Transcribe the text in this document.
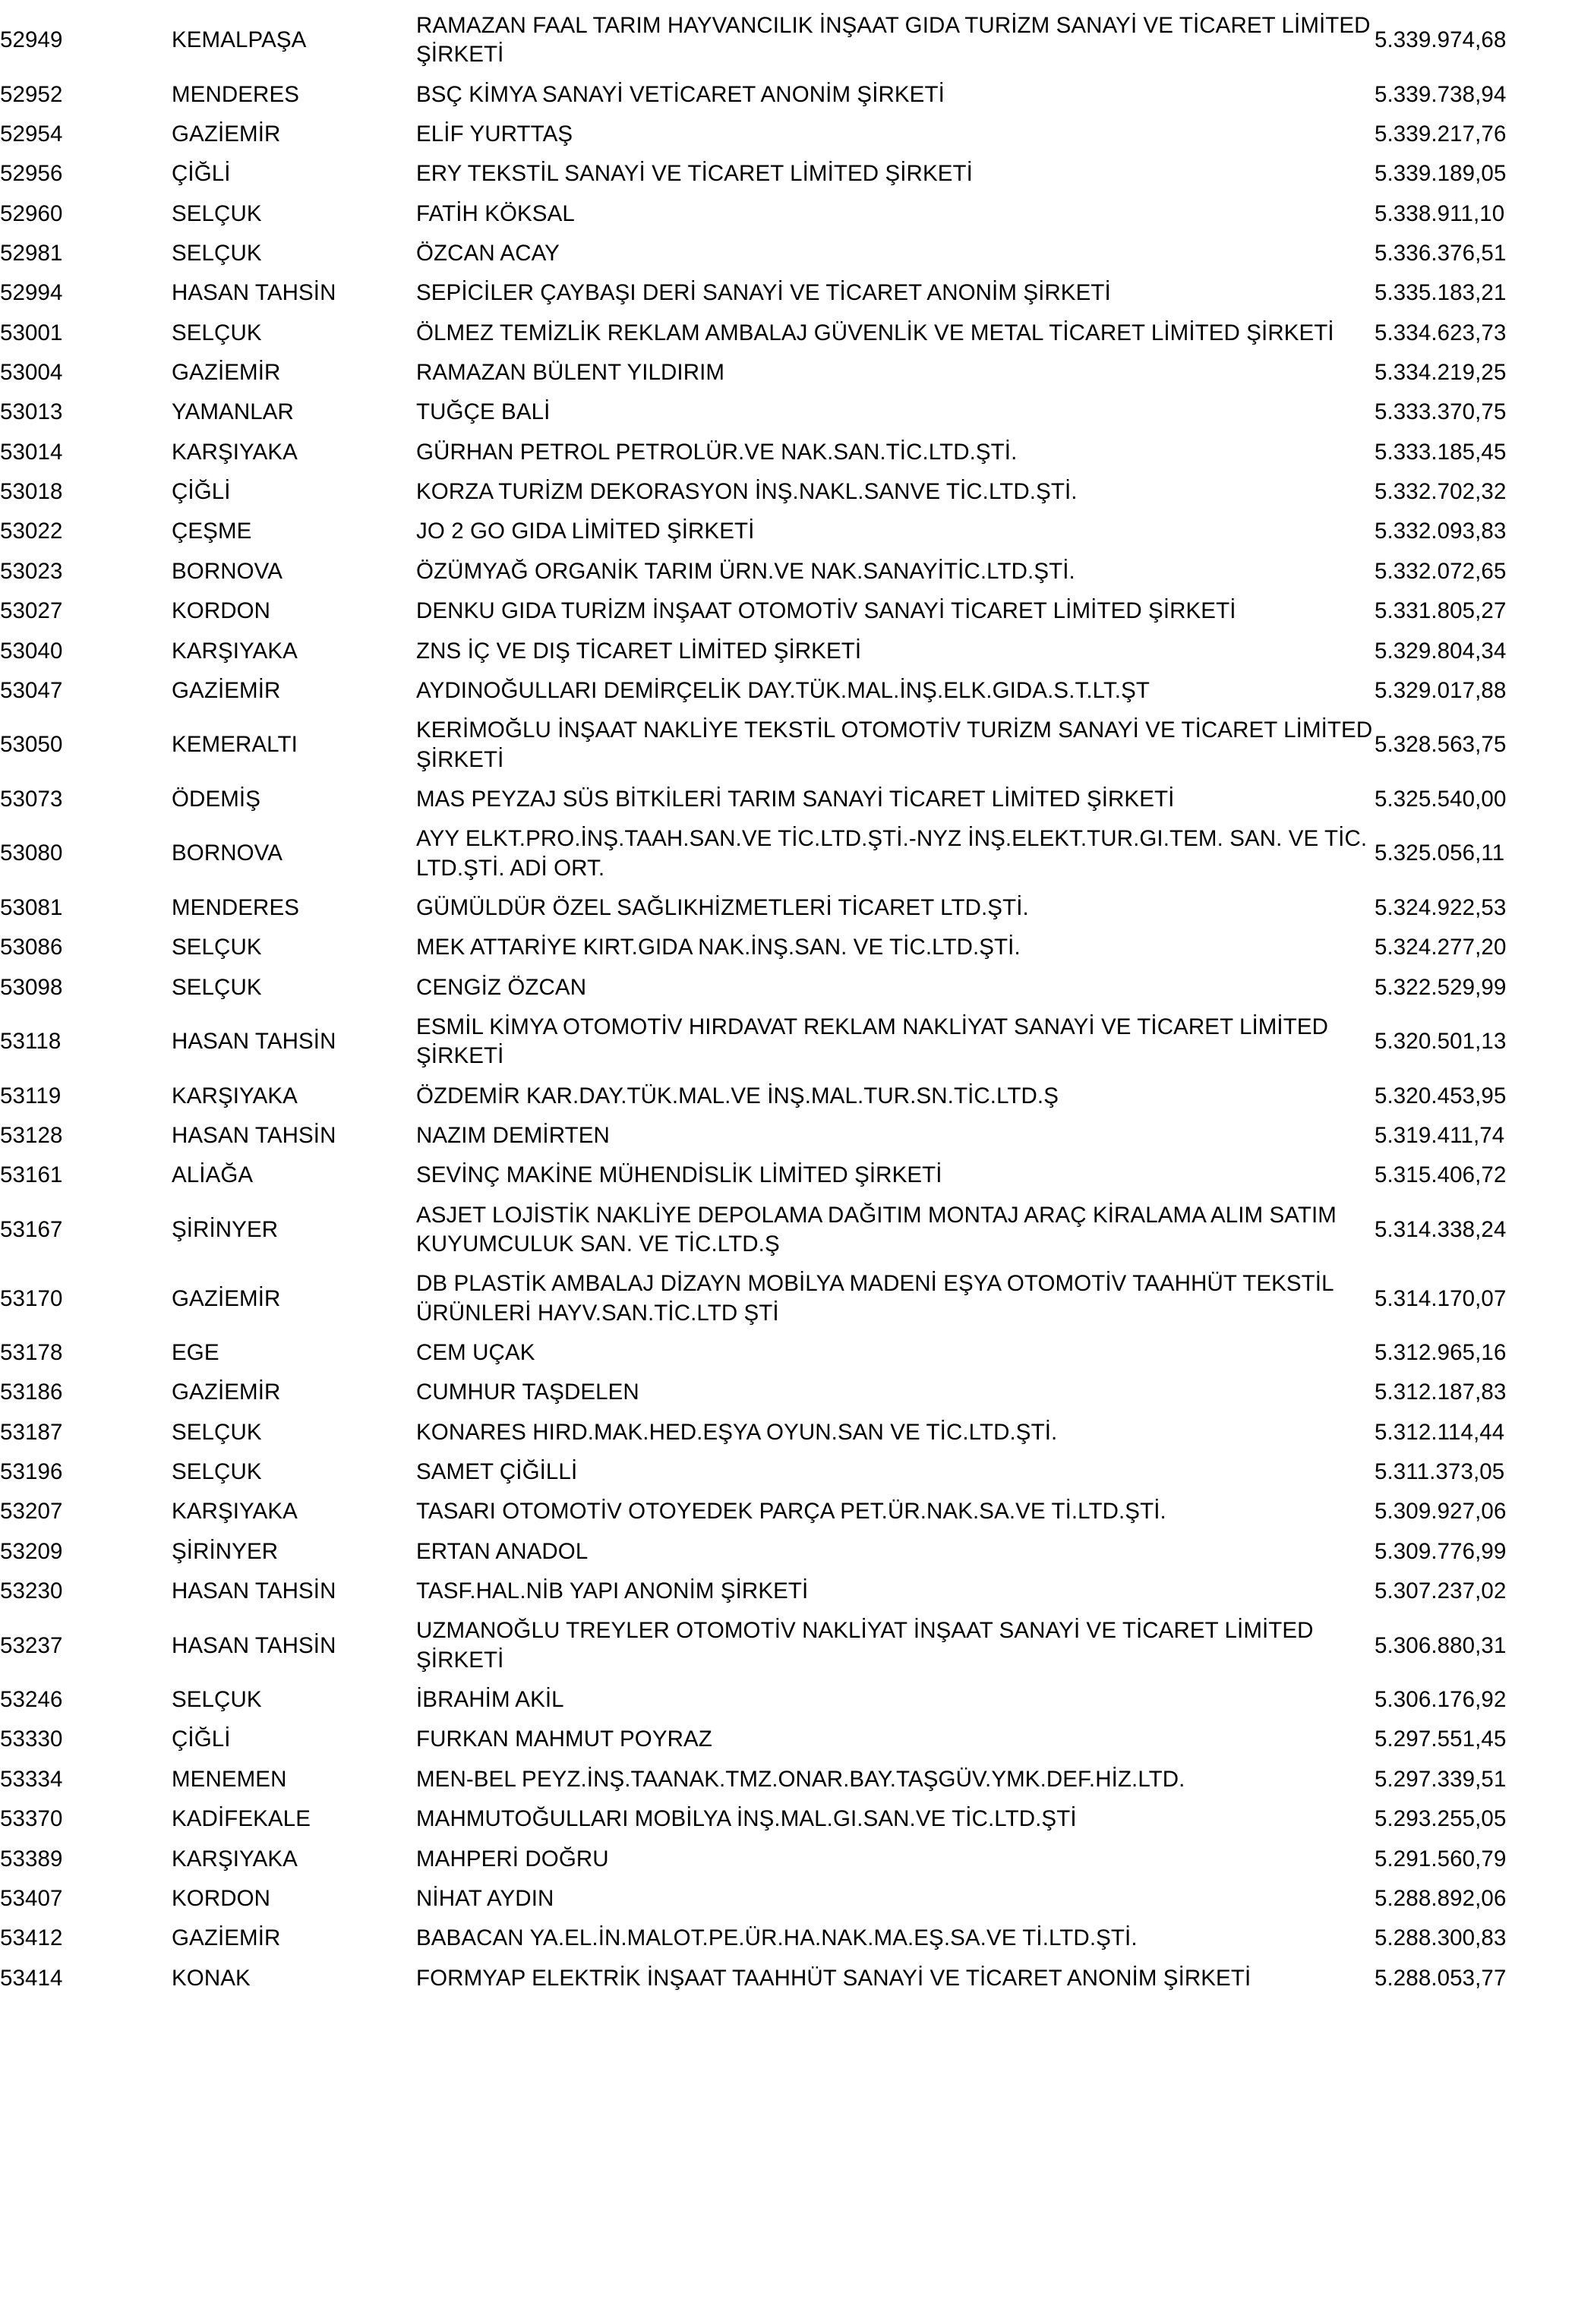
52949	KEMALPAŞA	RAMAZAN FAAL TARIM HAYVANCILIK İNŞAAT GIDA TURİZM SANAYİ VE TİCARET LİMİTED ŞİRKETİ	5.339.974,68
52952	MENDERES	BSÇ KİMYA SANAYİ VETİCARET ANONİM ŞİRKETİ	5.339.738,94
52954	GAZİEMİR	ELİF YURTTAŞ	5.339.217,76
52956	ÇİĞLİ	ERY TEKSTİL SANAYİ VE TİCARET LİMİTED ŞİRKETİ	5.339.189,05
52960	SELÇUK	FATİH KÖKSAL	5.338.911,10
52981	SELÇUK	ÖZCAN ACAY	5.336.376,51
52994	HASAN TAHSİN	SEPİCİLER ÇAYBAŞI DERİ SANAYİ VE TİCARET ANONİM ŞİRKETİ	5.335.183,21
53001	SELÇUK	ÖLMEZ TEMİZLİK REKLAM AMBALAJ GÜVENLİK VE METAL TİCARET LİMİTED ŞİRKETİ	5.334.623,73
53004	GAZİEMİR	RAMAZAN BÜLENT YILDIRIM	5.334.219,25
53013	YAMANLAR	TUĞÇE BALİ	5.333.370,75
53014	KARŞIYAKA	GÜRHAN PETROL PETROLÜR.VE NAK.SAN.TİC.LTD.ŞTİ.	5.333.185,45
53018	ÇİĞLİ	KORZA TURİZM DEKORASYON İNŞ.NAKL.SANVE TİC.LTD.ŞTİ.	5.332.702,32
53022	ÇEŞME	JO 2 GO GIDA LİMİTED ŞİRKETİ	5.332.093,83
53023	BORNOVA	ÖZÜMYAĞ ORGANİK TARIM ÜRN.VE NAK.SANAYİTİC.LTD.ŞTİ.	5.332.072,65
53027	KORDON	DENKU GIDA TURİZM İNŞAAT OTOMOTİV SANAYİ TİCARET LİMİTED ŞİRKETİ	5.331.805,27
53040	KARŞIYAKA	ZNS İÇ VE DIŞ TİCARET LİMİTED ŞİRKETİ	5.329.804,34
53047	GAZİEMİR	AYDINOĞULLARI DEMİRÇELİK DAY.TÜK.MAL.İNŞ.ELK.GIDA.S.T.LT.ŞT	5.329.017,88
53050	KEMERALTI	KERİMOĞLU İNŞAAT NAKLİYE TEKSTİL OTOMOTİV TURİZM SANAYİ VE TİCARET LİMİTED ŞİRKETİ	5.328.563,75
53073	ÖDEMİŞ	MAS PEYZAJ SÜS BİTKİLERİ TARIM SANAYİ TİCARET LİMİTED ŞİRKETİ	5.325.540,00
53080	BORNOVA	AYY ELKT.PRO.İNŞ.TAAH.SAN.VE TİC.LTD.ŞTİ.-NYZ İNŞ.ELEKT.TUR.GI.TEM. SAN. VE TİC. LTD.ŞTİ. ADİ ORT.	5.325.056,11
53081	MENDERES	GÜMÜLDÜR ÖZEL SAĞLIKHİZMETLERİ TİCARET LTD.ŞTİ.	5.324.922,53
53086	SELÇUK	MEK ATTARİYE KIRT.GIDA NAK.İNŞ.SAN. VE TİC.LTD.ŞTİ.	5.324.277,20
53098	SELÇUK	CENGİZ ÖZCAN	5.322.529,99
53118	HASAN TAHSİN	ESMİL KİMYA OTOMOTİV HIRDAVAT REKLAM NAKLİYAT SANAYİ VE TİCARET LİMİTED ŞİRKETİ	5.320.501,13
53119	KARŞIYAKA	ÖZDEMİR KAR.DAY.TÜK.MAL.VE İNŞ.MAL.TUR.SN.TİC.LTD.Ş	5.320.453,95
53128	HASAN TAHSİN	NAZIM DEMİRTEN	5.319.411,74
53161	ALİAĞA	SEVİNÇ MAKİNE MÜHENDİSLİK LİMİTED ŞİRKETİ	5.315.406,72
53167	ŞİRİNYER	ASJET LOJİSTİK NAKLİYE DEPOLAMA DAĞITIM MONTAJ ARAÇ KİRALAMA ALIM SATIM KUYUMCULUK SAN. VE TİC.LTD.Ş	5.314.338,24
53170	GAZİEMİR	DB PLASTİK AMBALAJ DİZAYN MOBİLYA MADENİ EŞYA OTOMOTİV TAAHHÜT TEKSTİL ÜRÜNLERİ HAYV.SAN.TİC.LTD ŞTİ	5.314.170,07
53178	EGE	CEM UÇAK	5.312.965,16
53186	GAZİEMİR	CUMHUR TAŞDELEN	5.312.187,83
53187	SELÇUK	KONARES HIRD.MAK.HED.EŞYA OYUN.SAN VE TİC.LTD.ŞTİ.	5.312.114,44
53196	SELÇUK	SAMET ÇİĞİLLİ	5.311.373,05
53207	KARŞIYAKA	TASARI OTOMOTİV OTOYEDEK PARÇA PET.ÜR.NAK.SA.VE Tİ.LTD.ŞTİ.	5.309.927,06
53209	ŞİRİNYER	ERTAN ANADOL	5.309.776,99
53230	HASAN TAHSİN	TASF.HAL.NİB YAPI ANONİM ŞİRKETİ	5.307.237,02
53237	HASAN TAHSİN	UZMANOĞLU TREYLER OTOMOTİV NAKLİYAT İNŞAAT SANAYİ VE TİCARET LİMİTED ŞİRKETİ	5.306.880,31
53246	SELÇUK	İBRAHİM AKİL	5.306.176,92
53330	ÇİĞLİ	FURKAN MAHMUT POYRAZ	5.297.551,45
53334	MENEMEN	MEN-BEL PEYZ.İNŞ.TAANAK.TMZ.ONAR.BAY.TAŞGÜV.YMK.DEF.HİZ.LTD.	5.297.339,51
53370	KADİFEKALE	MAHMUTOĞULLARI MOBİLYA İNŞ.MAL.GI.SAN.VE TİC.LTD.ŞTİ	5.293.255,05
53389	KARŞIYAKA	MAHPERİ DOĞRU	5.291.560,79
53407	KORDON	NİHAT AYDIN	5.288.892,06
53412	GAZİEMİR	BABACAN YA.EL.İN.MALOT.PE.ÜR.HA.NAK.MA.EŞ.SA.VE Tİ.LTD.ŞTİ.	5.288.300,83
53414	KONAK	FORMYAP ELEKTRİK İNŞAAT TAAHHÜT SANAYİ VE TİCARET ANONİM ŞİRKETİ	5.288.053,77
